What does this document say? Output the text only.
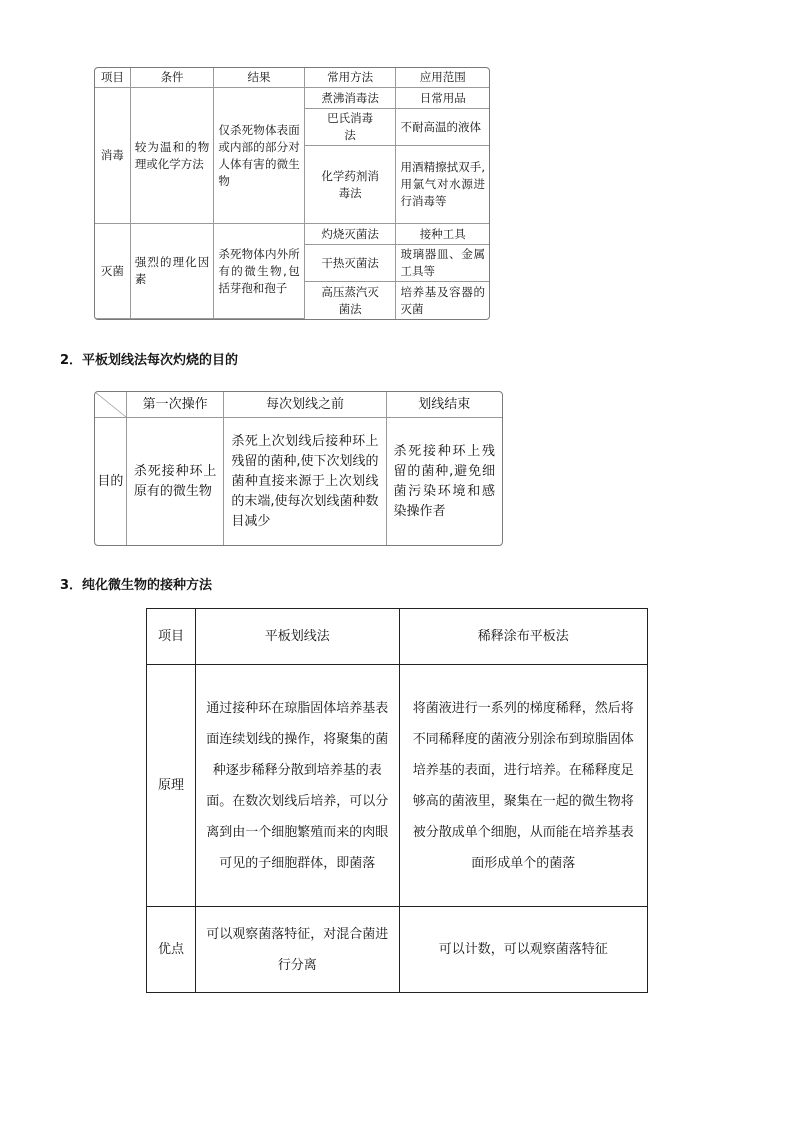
项目	条件	结果	常用方法	应用范围
消毒	较为温和的物理或化学方法	仅杀死物体表面或内部的部分对人体有害的微生物	煮沸消毒法	日常用品
			巴氏消毒法	不耐高温的液体
			化学药剂消毒法	用酒精擦拭双手,用氯气对水源进行消毒等
灭菌	强烈的理化因素	杀死物体内外所有的微生物,包括芽孢和孢子	灼烧灭菌法	接种工具
			干热灭菌法	玻璃器皿、金属工具等
			高压蒸汽灭菌法	培养基及容器的灭菌
2．平板划线法每次灼烧的目的
	第一次操作	每次划线之前	划线结束
目的	杀死接种环上原有的微生物	杀死上次划线后接种环上残留的菌种,使下次划线的菌种直接来源于上次划线的末端,使每次划线菌种数目减少	杀死接种环上残留的菌种,避免细菌污染环境和感染操作者
3．纯化微生物的接种方法
项目	平板划线法	稀释涂布平板法
原理	通过接种环在琼脂固体培养基表面连续划线的操作，将聚集的菌种逐步稀释分散到培养基的表面。在数次划线后培养，可以分离到由一个细胞繁殖而来的肉眼可见的子细胞群体，即菌落	将菌液进行一系列的梯度稀释，然后将不同稀释度的菌液分别涂布到琼脂固体培养基的表面，进行培养。在稀释度足够高的菌液里，聚集在一起的微生物将被分散成单个细胞，从而能在培养基表面形成单个的菌落
优点	可以观察菌落特征，对混合菌进行分离	可以计数，可以观察菌落特征
